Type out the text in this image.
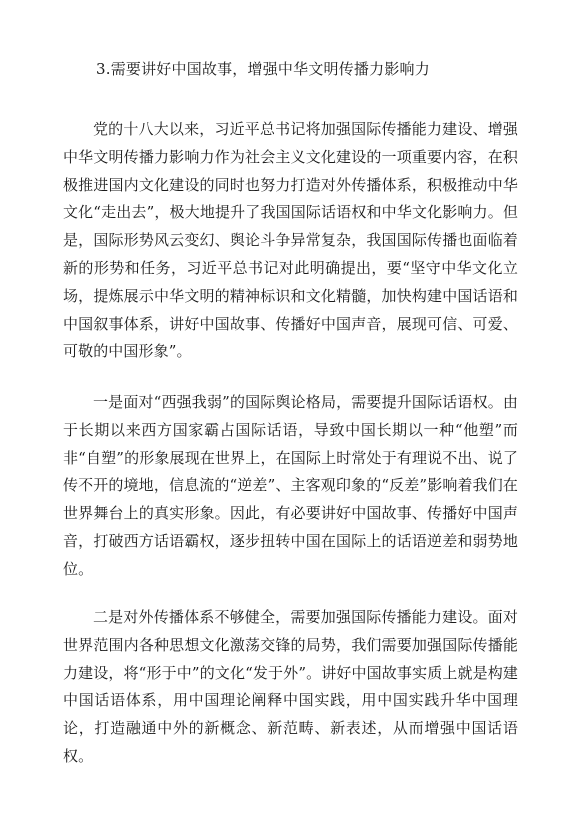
3.需要讲好中国故事，增强中华文明传播力影响力

党的十八大以来，习近平总书记将加强国际传播能力建设、增强中华文明传播力影响力作为社会主义文化建设的一项重要内容，在积极推进国内文化建设的同时也努力打造对外传播体系，积极推动中华文化“走出去”，极大地提升了我国国际话语权和中华文化影响力。但是，国际形势风云变幻、舆论斗争异常复杂，我国国际传播也面临着新的形势和任务，习近平总书记对此明确提出，要“坚守中华文化立场，提炼展示中华文明的精神标识和文化精髓，加快构建中国话语和中国叙事体系，讲好中国故事、传播好中国声音，展现可信、可爱、可敬的中国形象”。

一是面对“西强我弱”的国际舆论格局，需要提升国际话语权。由于长期以来西方国家霸占国际话语，导致中国长期以一种“他塑”而非“自塑”的形象展现在世界上，在国际上时常处于有理说不出、说了传不开的境地，信息流的“逆差”、主客观印象的“反差”影响着我们在世界舞台上的真实形象。因此，有必要讲好中国故事、传播好中国声音，打破西方话语霸权，逐步扭转中国在国际上的话语逆差和弱势地位。

二是对外传播体系不够健全，需要加强国际传播能力建设。面对世界范围内各种思想文化激荡交锋的局势，我们需要加强国际传播能力建设，将“形于中”的文化“发于外”。讲好中国故事实质上就是构建中国话语体系，用中国理论阐释中国实践，用中国实践升华中国理论，打造融通中外的新概念、新范畴、新表述，从而增强中国话语权。
